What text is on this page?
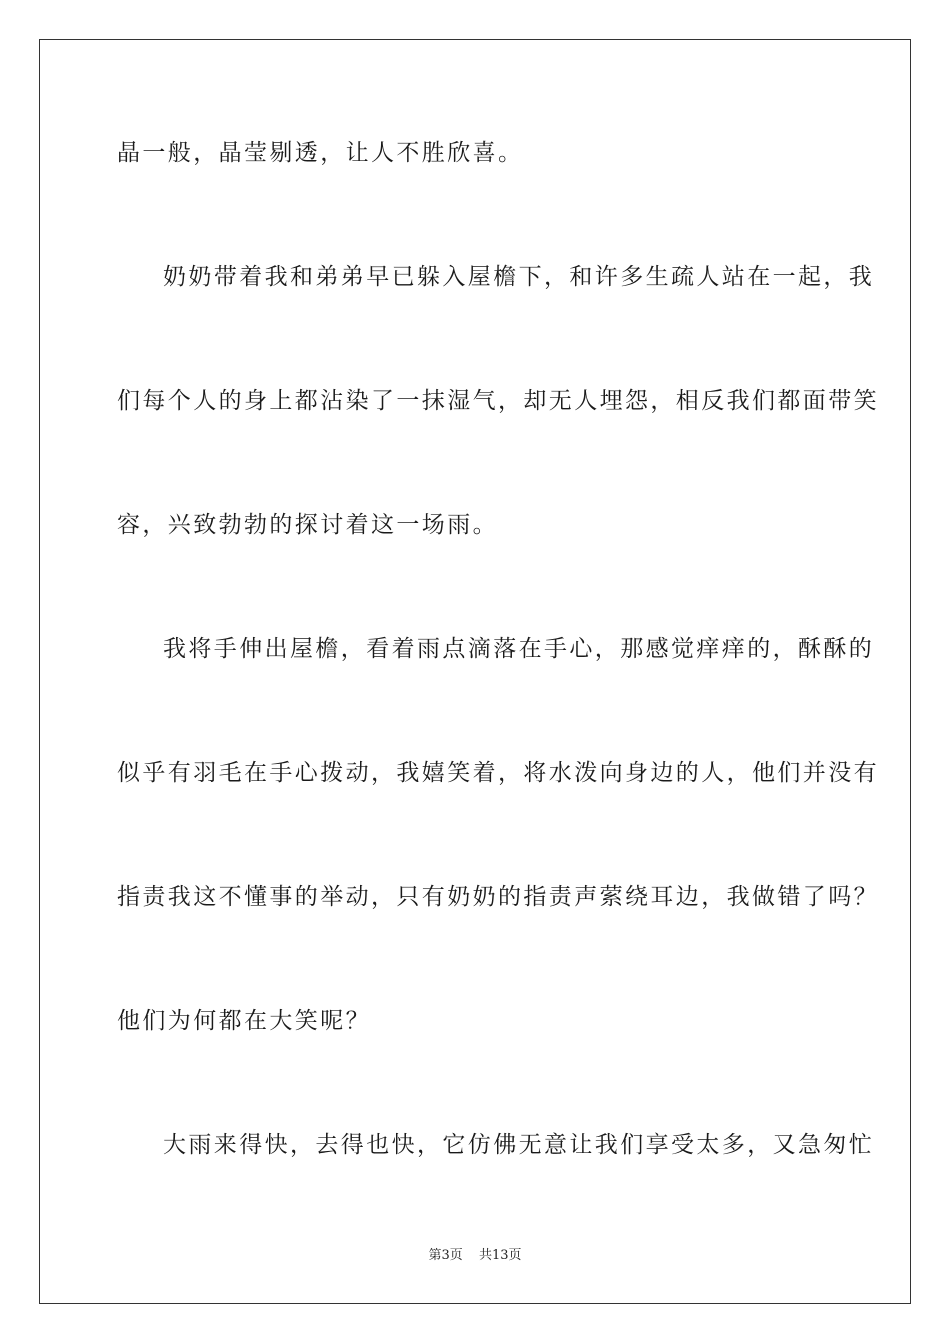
晶一般，晶莹剔透，让人不胜欣喜。
奶奶带着我和弟弟早已躲入屋檐下，和许多生疏人站在一起，我
们每个人的身上都沾染了一抹湿气，却无人埋怨，相反我们都面带笑
容，兴致勃勃的探讨着这一场雨。
我将手伸出屋檐，看着雨点滴落在手心，那感觉痒痒的，酥酥的
似乎有羽毛在手心拨动，我嬉笑着，将水泼向身边的人，他们并没有
指责我这不懂事的举动，只有奶奶的指责声萦绕耳边，我做错了吗？
他们为何都在大笑呢？
大雨来得快，去得也快，它仿佛无意让我们享受太多，又急匆忙
第3页 共13页
